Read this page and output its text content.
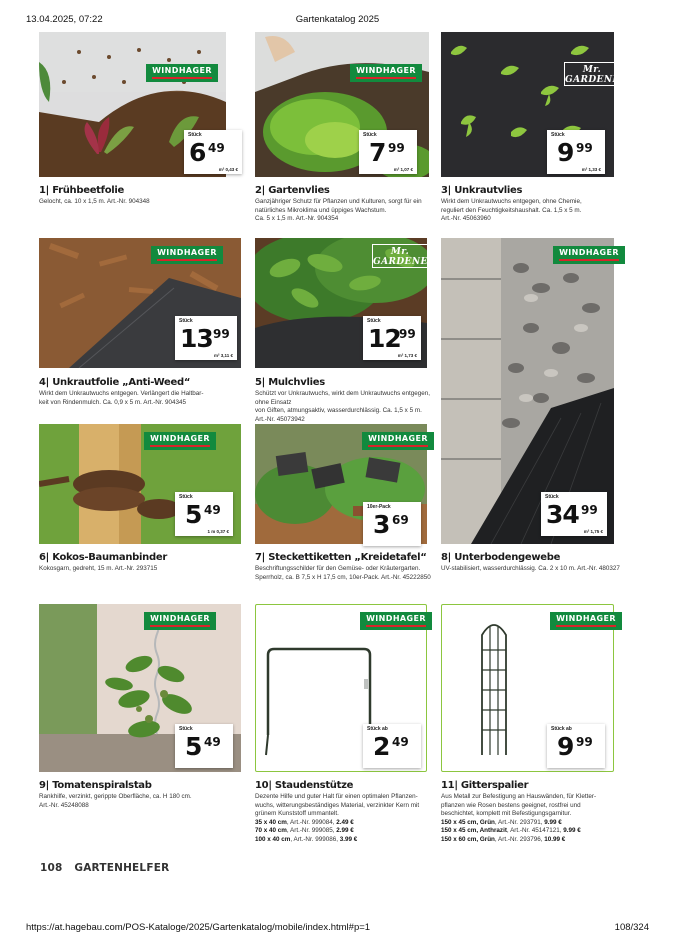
13.04.2025, 07:22	Gartenkatalog 2025
WINDHAGER
Stück
6 49
m² 0,43 €
1| Frühbeetfolie
Gelocht, ca. 10 x 1,5 m. Art.-Nr. 904348
WINDHAGER
Stück
7 99
m² 1,07 €
2| Gartenvlies
Ganzjähriger Schutz für Pflanzen und Kulturen, sorgt für ein
natürliches Mikroklima und üppiges Wachstum.
Ca. 5 x 1,5 m. Art.-Nr. 904354
Mr. GARDENER
Stück
9 99
m² 1,33 €
3| Unkrautvlies
Wirkt dem Unkrautwuchs entgegen, ohne Chemie,
reguliert den Feuchtigkeitshaushalt. Ca. 1,5 x 5 m.
Art.-Nr. 45063960
WINDHAGER
Stück
13 99
m² 3,11 €
4| Unkrautfolie „Anti-Weed“
Wirkt dem Unkrautwuchs entgegen. Verlängert die Haltbar-
keit von Rindenmulch. Ca. 0,9 x 5 m. Art.-Nr. 904345
Mr. GARDENER
Stück
12
99
m² 1,73 €
5| Mulchvlies
Schützt vor Unkrautwuchs, wirkt dem Unkrautwuchs entgegen, ohne Einsatz
von Giften, atmungsaktiv, wasserdurchlässig. Ca. 1,5 x 5 m.
Art.-Nr. 45073942
WINDHAGER
Stück
34 99
m² 1,75 €
8| Unterbodengewebe
UV-stabilisiert, wasserdurchlässig. Ca. 2 x 10 m. Art.-Nr. 480327
WINDHAGER
Stück
5 49
1 m 0,37 €
6| Kokos-Baumanbinder
Kokosgarn, gedreht, 15 m. Art.-Nr. 293715
WINDHAGER
10er-Pack
3 69
7| Steckettiketten „Kreidetafel“
Beschriftungsschilder für den Gemüse- oder Kräutergarten.
Sperrholz, ca. B 7,5 x H 17,5 cm, 10er-Pack. Art.-Nr. 45222850
WINDHAGER
Stück
5 49
9| Tomatenspiralstab
Rankhilfe, verzinkt, geripptе Oberfläche, ca. H 180 cm.
Art.-Nr. 45248088
WINDHAGER
Stück ab
2 49
10| Staudenstütze
Dezente Hilfe und guter Halt für einen optimalen Pflanzen-
wuchs, witterungsbeständiges Material, verzinkter Kern mit
grünem Kunststoff ummantelt.
35 x 40 cm, Art.-Nr. 999084, 2.49 €
70 x 40 cm, Art.-Nr. 999085, 2.99 €
100 x 40 cm, Art.-Nr. 999086, 3.99 €
WINDHAGER
Stück ab
9 99
11| Gitterspalier
Aus Metall zur Befestigung an Hauswänden, für Kletter-
pflanzen wie Rosen bestens geeignet, rostfrei und
beschichtet, komplett mit Befestigungsgarnitur.
150 x 45 cm, Grün, Art.-Nr. 293791, 9.99 €
150 x 45 cm, Anthrazit, Art.-Nr. 45147121, 9.99 €
150 x 60 cm, Grün, Art.-Nr. 293796, 10.99 €
108 GARTENHELFER
https://at.hagebau.com/POS-Kataloge/2025/Gartenkatalog/mobile/index.html#p=1	108/324
